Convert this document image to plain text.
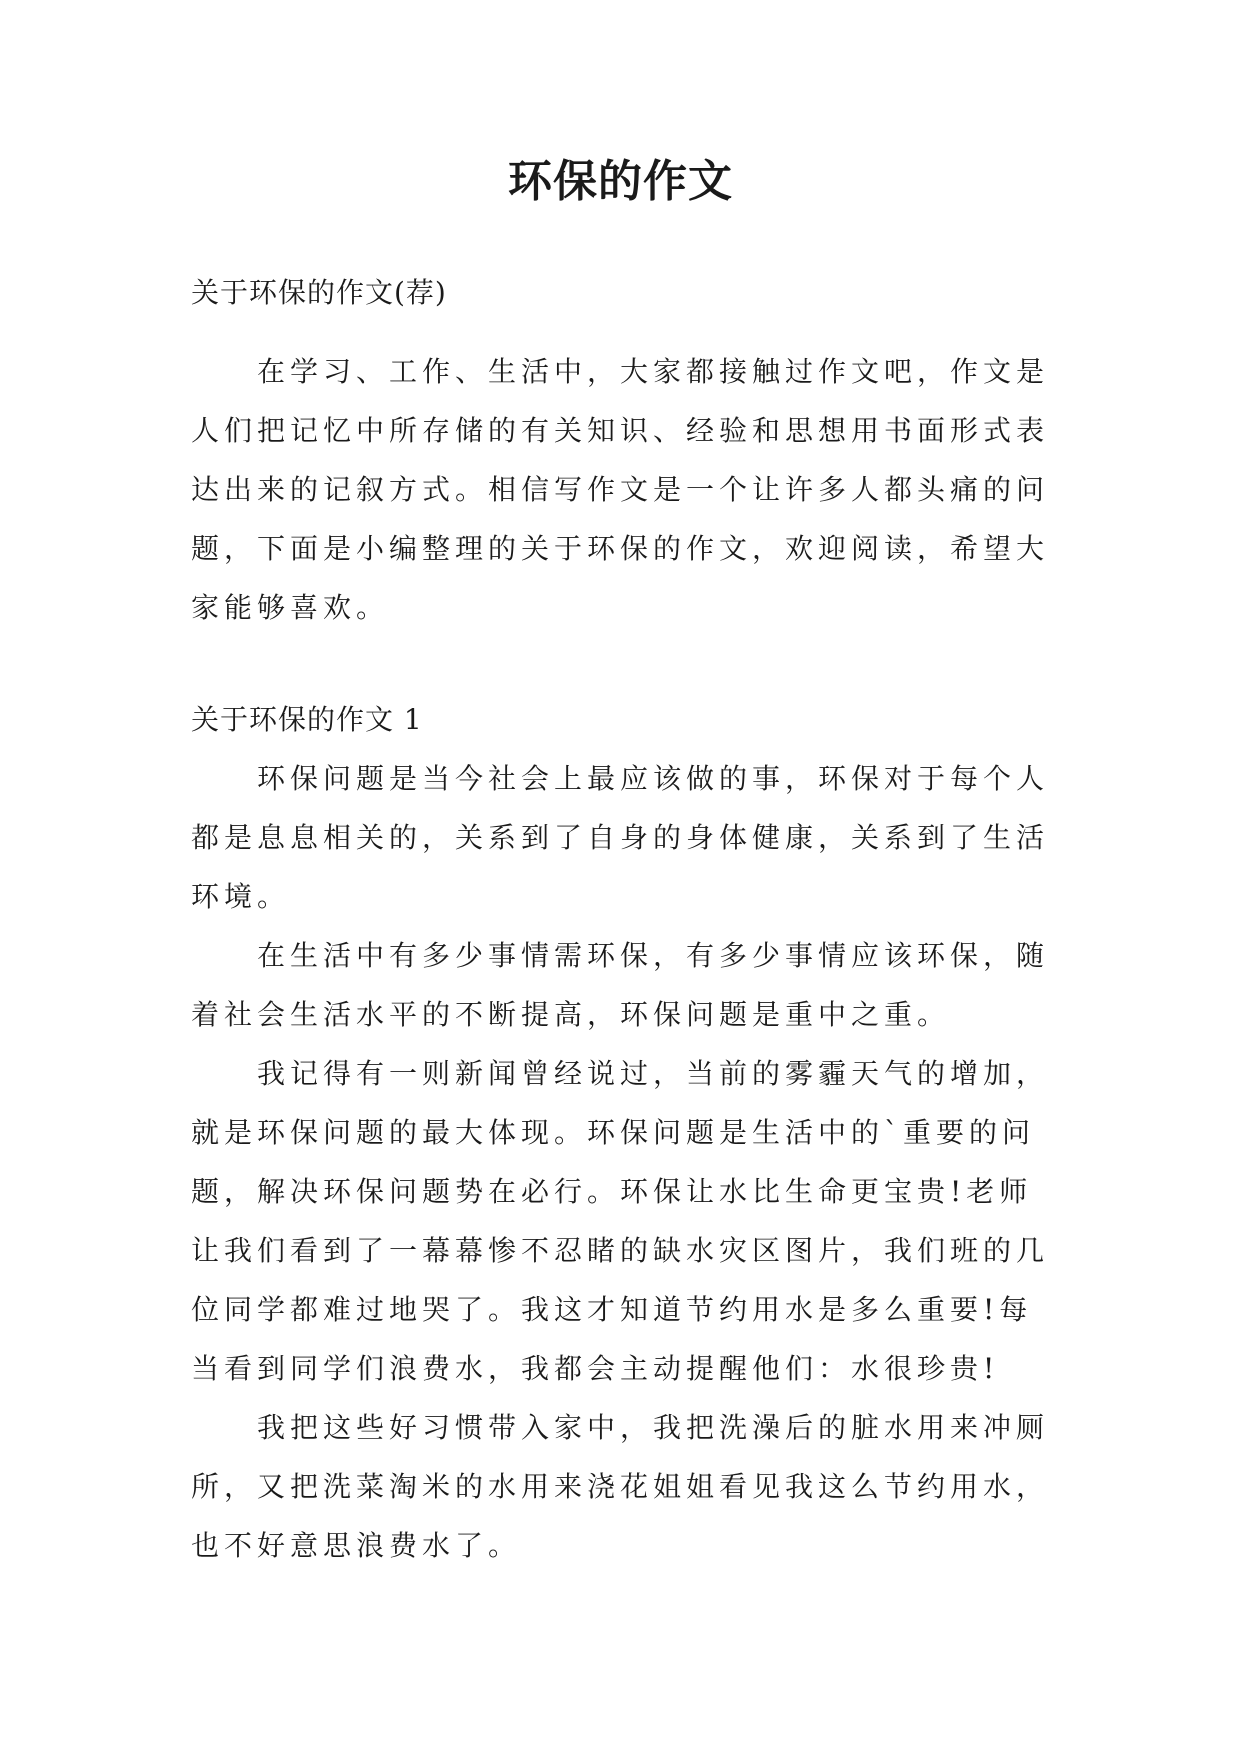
环保的作文

关于环保的作文(荐)

在学习、工作、生活中，大家都接触过作文吧，作文是人们把记忆中所存储的有关知识、经验和思想用书面形式表达出来的记叙方式。相信写作文是一个让许多人都头痛的问题，下面是小编整理的关于环保的作文，欢迎阅读，希望大家能够喜欢。

关于环保的作文 1

环保问题是当今社会上最应该做的事，环保对于每个人都是息息相关的，关系到了自身的身体健康，关系到了生活环境。

在生活中有多少事情需环保，有多少事情应该环保，随着社会生活水平的不断提高，环保问题是重中之重。

我记得有一则新闻曾经说过，当前的雾霾天气的增加，就是环保问题的最大体现。环保问题是生活中的`重要的问题，解决环保问题势在必行。环保让水比生命更宝贵!老师让我们看到了一幕幕惨不忍睹的缺水灾区图片，我们班的几位同学都难过地哭了。我这才知道节约用水是多么重要!每当看到同学们浪费水，我都会主动提醒他们：水很珍贵!

我把这些好习惯带入家中，我把洗澡后的脏水用来冲厕所，又把洗菜淘米的水用来浇花姐姐看见我这么节约用水，也不好意思浪费水了。
